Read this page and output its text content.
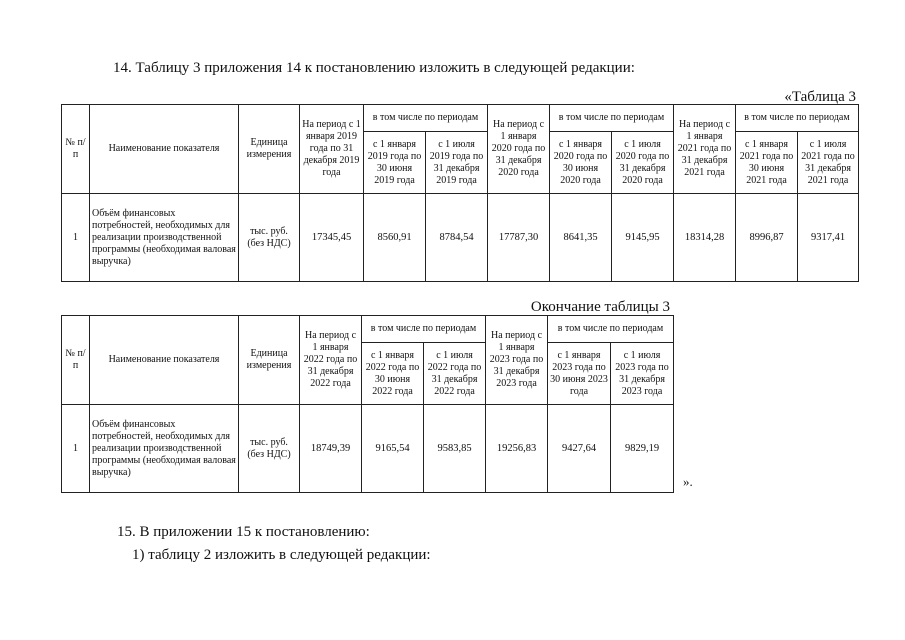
14. Таблицу 3 приложения 14 к постановлению изложить в следующей редакции:

«Таблица 3
№ п/п	Наименование показателя	Единица измерения	На период с 1 января 2019 года по 31 декабря 2019 года	в том числе по периодам		На период с 1 января 2020 года по 31 декабря 2020 года	в том числе по периодам		На период с 1 января 2021 года по 31 декабря 2021 года	в том числе по периодам	
				с 1 января 2019 года по 30 июня 2019 года	с 1 июля 2019 года по 31 декабря 2019 года		с 1 января 2020 года по 30 июня 2020 года	с 1 июля 2020 года по 31 декабря 2020 года		с 1 января 2021 года по 30 июня 2021 года	с 1 июля 2021 года по 31 декабря 2021 года
1	Объём финансовых потребностей, необходимых для реализации производственной программы (необходимая валовая выручка)	тыс. руб. (без НДС)	17345,45	8560,91	8784,54	17787,30	8641,35	9145,95	18314,28	8996,87	9317,41
Окончание таблицы 3
№ п/п	Наименование показателя	Единица измерения	На период с 1 января 2022 года по 31 декабря 2022 года	в том числе по периодам		На период с 1 января 2023 года по 31 декабря 2023 года	в том числе по периодам	
				с 1 января 2022 года по 30 июня 2022 года	с 1 июля 2022 года по 31 декабря 2022 года		с 1 января 2023 года по 30 июня 2023 года	с 1 июля 2023 года по 31 декабря 2023 года
1	Объём финансовых потребностей, необходимых для реализации производственной программы (необходимая валовая выручка)	тыс. руб. (без НДС)	18749,39	9165,54	9583,85	19256,83	9427,64	9829,19
».

15. В приложении 15 к постановлению:

1) таблицу 2 изложить в следующей редакции:
